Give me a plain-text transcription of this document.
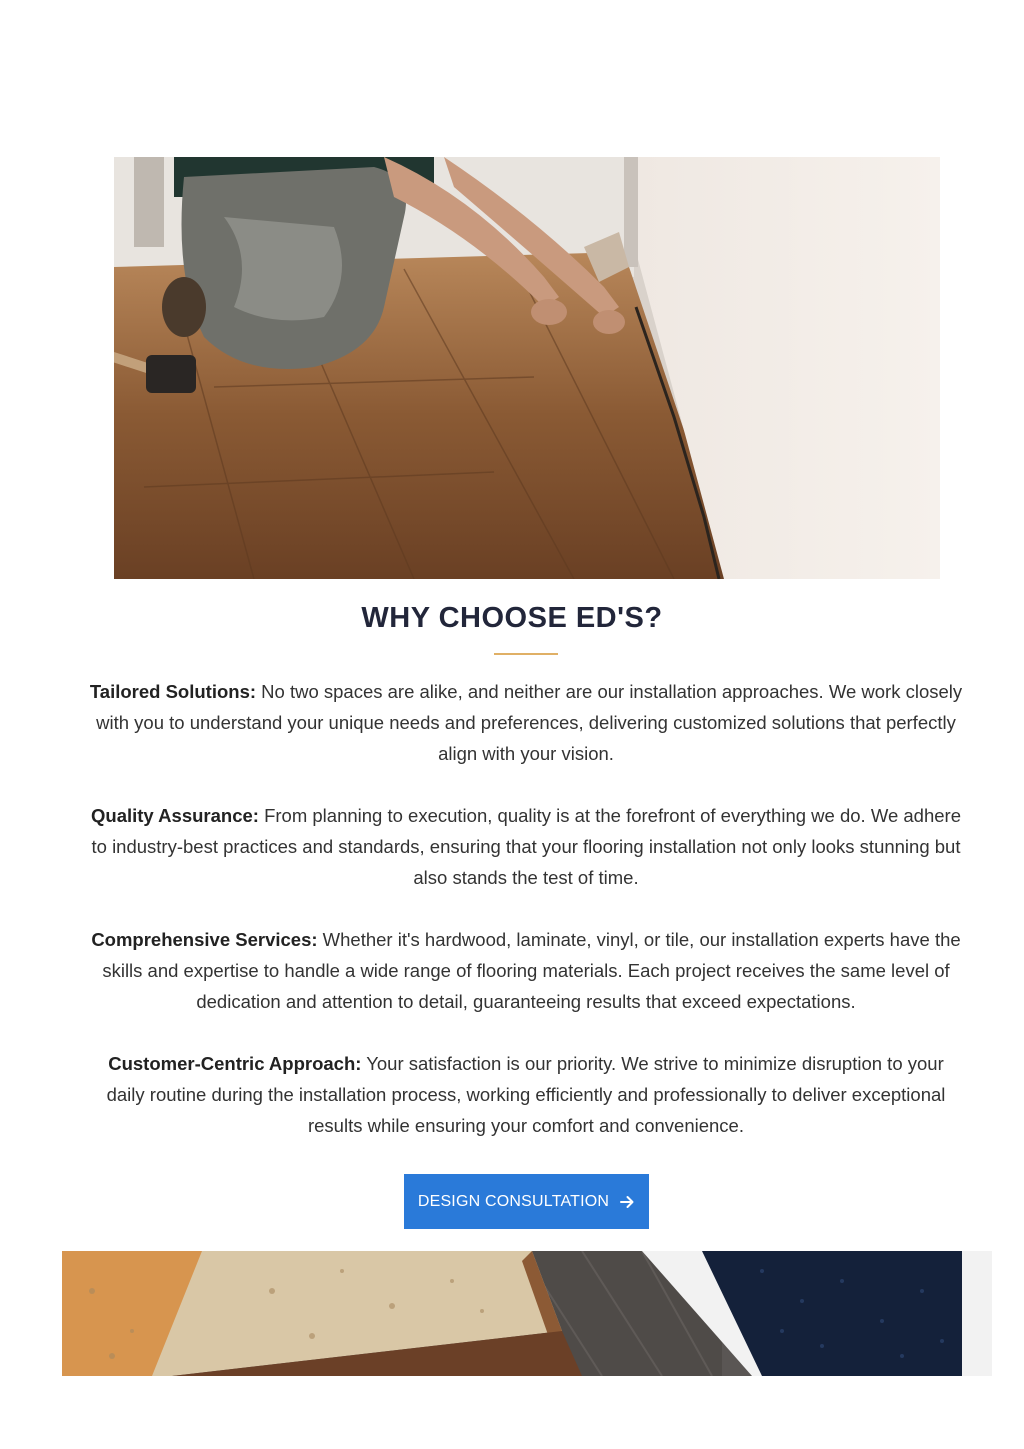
WHY CHOOSE ED'S?

Tailored Solutions: No two spaces are alike, and neither are our installation approaches. We work closely with you to understand your unique needs and preferences, delivering customized solutions that perfectly align with your vision.

Quality Assurance: From planning to execution, quality is at the forefront of everything we do. We adhere to industry-best practices and standards, ensuring that your flooring installation not only looks stunning but also stands the test of time.

Comprehensive Services: Whether it's hardwood, laminate, vinyl, or tile, our installation experts have the skills and expertise to handle a wide range of flooring materials. Each project receives the same level of dedication and attention to detail, guaranteeing results that exceed expectations.

Customer-Centric Approach: Your satisfaction is our priority. We strive to minimize disruption to your daily routine during the installation process, working efficiently and professionally to deliver exceptional results while ensuring your comfort and convenience.

DESIGN CONSULTATION
